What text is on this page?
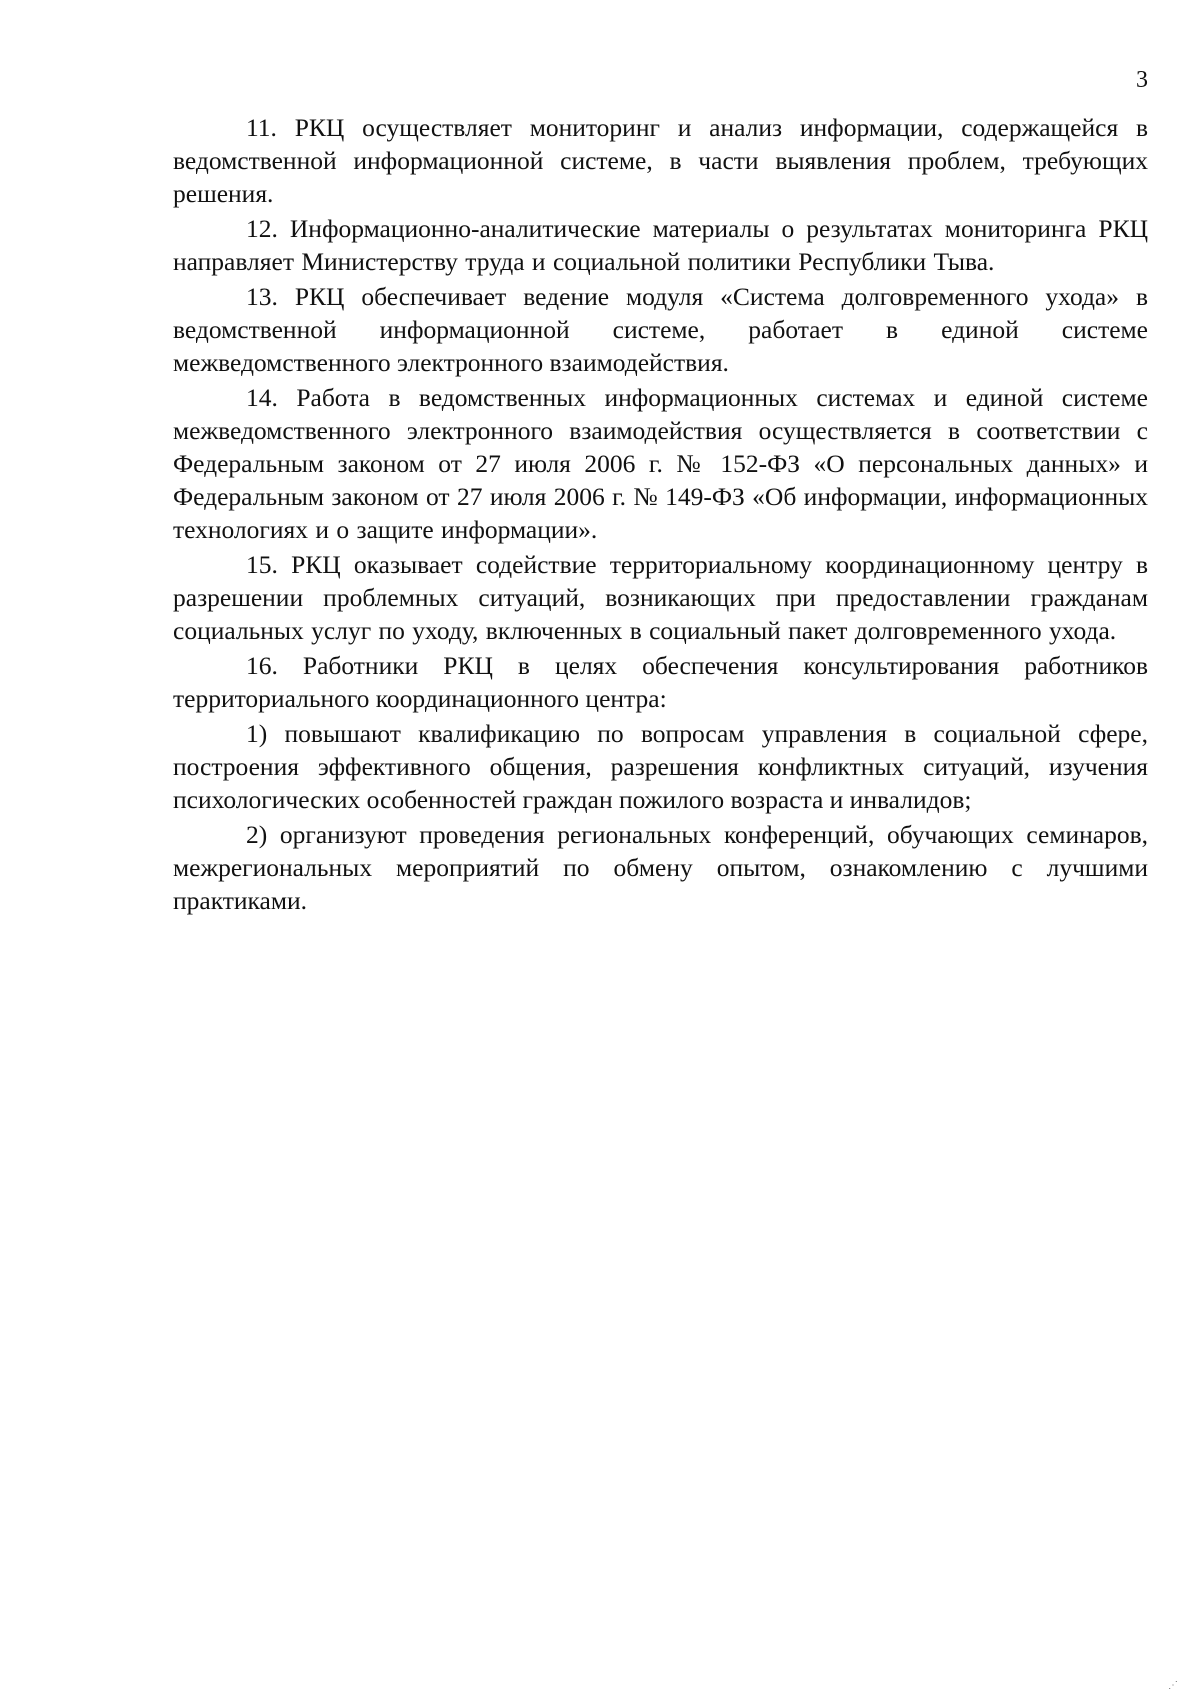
3

11. РКЦ осуществляет мониторинг и анализ информации, содержащейся в ведомственной информационной системе, в части выявления проблем, требующих решения.

12. Информационно-аналитические материалы о результатах мониторинга РКЦ направляет Министерству труда и социальной политики Республики Тыва.

13. РКЦ обеспечивает ведение модуля «Система долговременного ухода» в ведомственной информационной системе, работает в единой системе межведомственного электронного взаимодействия.

14. Работа в ведомственных информационных системах и единой системе межведомственного электронного взаимодействия осуществляется в соответствии с Федеральным законом от 27 июля 2006 г. № 152-ФЗ «О персональных данных» и Федеральным законом от 27 июля 2006 г. № 149-ФЗ «Об информации, информационных технологиях и о защите информации».

15. РКЦ оказывает содействие территориальному координационному центру в разрешении проблемных ситуаций, возникающих при предоставлении гражданам социальных услуг по уходу, включенных в социальный пакет долговременного ухода.

16. Работники РКЦ в целях обеспечения консультирования работников территориального координационного центра:

1) повышают квалификацию по вопросам управления в социальной сфере, построения эффективного общения, разрешения конфликтных ситуаций, изучения психологических особенностей граждан пожилого возраста и инвалидов;

2) организуют проведения региональных конференций, обучающих семинаров, межрегиональных мероприятий по обмену опытом, ознакомлению с лучшими практиками.

⋰
